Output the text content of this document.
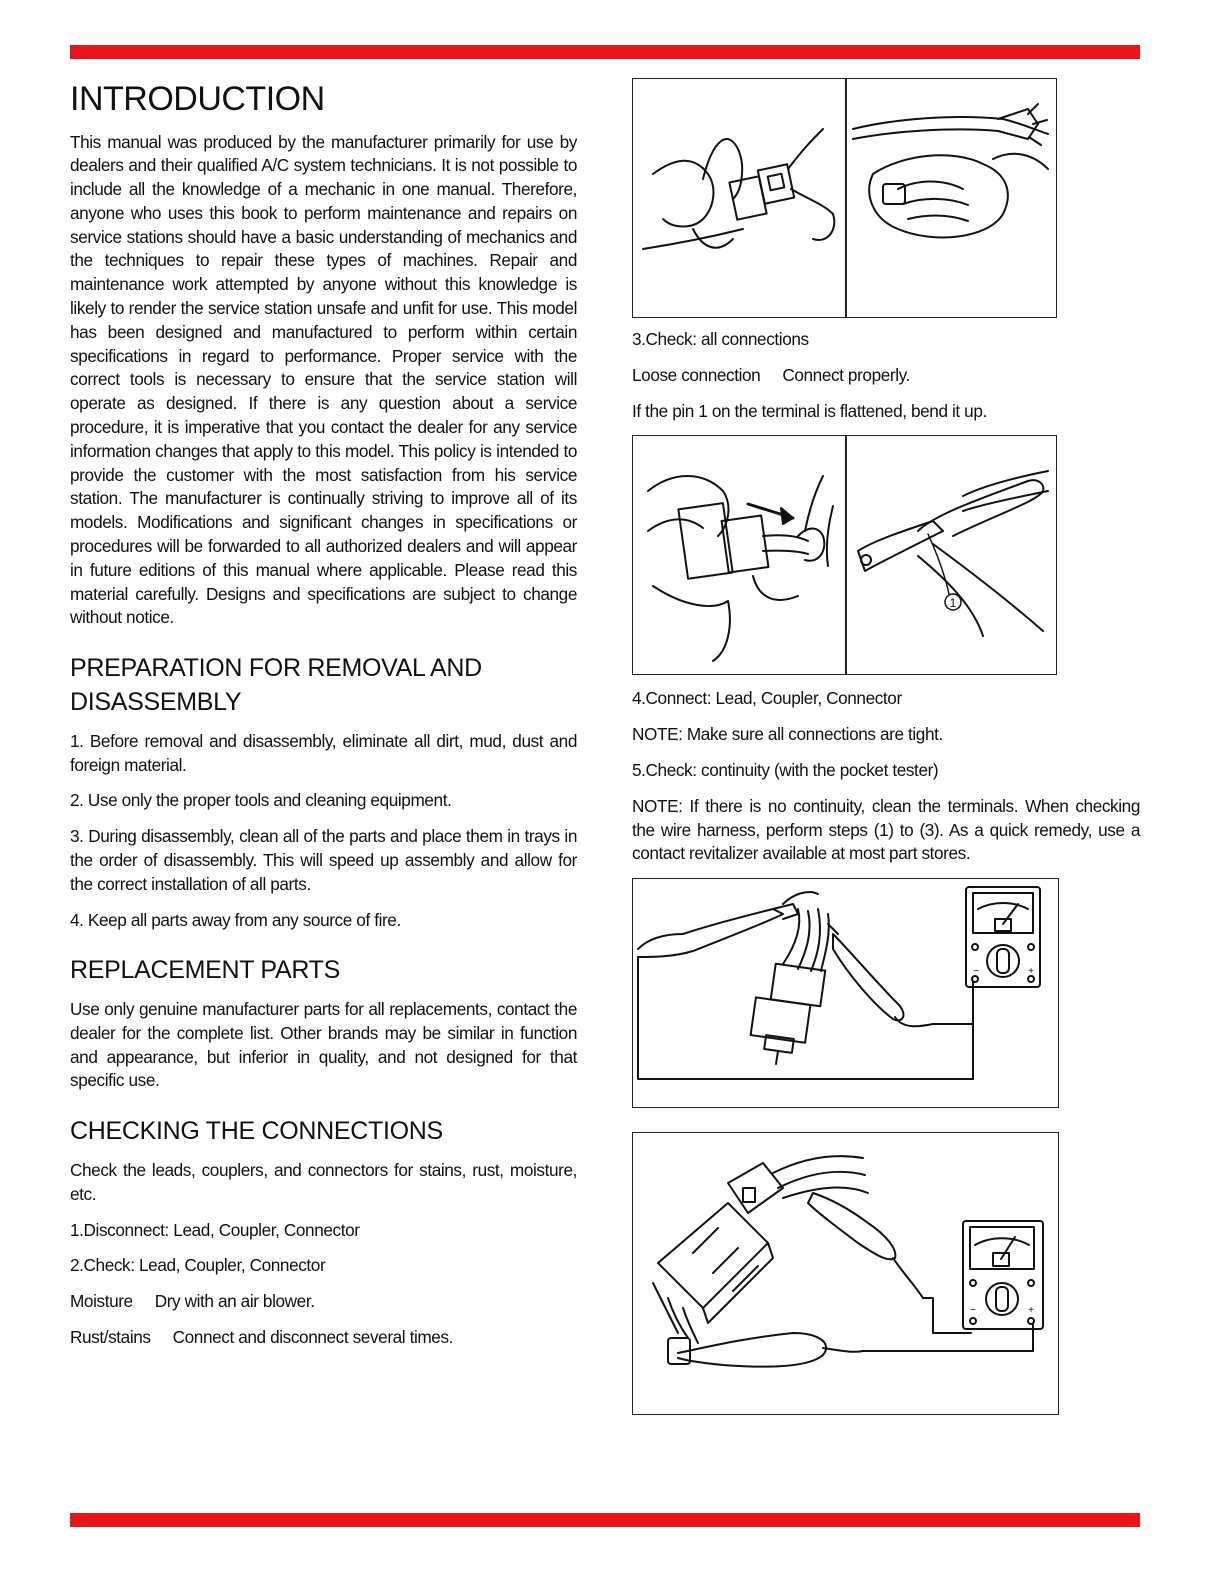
INTRODUCTION

This manual was produced by the manufacturer primarily for use by dealers and their qualified A/C system technicians. It is not possible to include all the knowledge of a mechanic in one manual. Therefore, anyone who uses this book to perform maintenance and repairs on service stations should have a basic understanding of mechanics and the techniques to repair these types of machines. Repair and maintenance work attempted by anyone without this knowledge is likely to render the service station unsafe and unfit for use. This model has been designed and manufactured to perform within certain specifications in regard to performance. Proper service with the correct tools is necessary to ensure that the service station will operate as designed. If there is any question about a service procedure, it is imperative that you contact the dealer for any service information changes that apply to this model. This policy is intended to provide the customer with the most satisfaction from his service station. The manufacturer is continually striving to improve all of its models. Modifications and significant changes in specifications or procedures will be forwarded to all authorized dealers and will appear in future editions of this manual where applicable. Please read this material carefully. Designs and specifications are subject to change without notice.

PREPARATION FOR REMOVAL AND DISASSEMBLY

1. Before removal and disassembly, eliminate all dirt, mud, dust and foreign material.

2. Use only the proper tools and cleaning equipment.

3. During disassembly, clean all of the parts and place them in trays in the order of disassembly. This will speed up assembly and allow for the correct installation of all parts.

4. Keep all parts away from any source of fire.

REPLACEMENT PARTS

Use only genuine manufacturer parts for all replacements, contact the dealer for the complete list. Other brands may be similar in function and appearance, but inferior in quality, and not designed for that specific use.

CHECKING THE CONNECTIONS

Check the leads, couplers, and connectors for stains, rust, moisture, etc.

1.Disconnect: Lead, Coupler, Connector

2.Check: Lead, Coupler, Connector

Moisture Dry with an air blower.

Rust/stains Connect and disconnect several times.

3.Check: all connections

Loose connection Connect properly.

If the pin 1 on the terminal is flattened, bend it up.

1

4.Connect: Lead, Coupler, Connector

NOTE: Make sure all connections are tight.

5.Check: continuity (with the pocket tester)

NOTE: If there is no continuity, clean the terminals. When checking the wire harness, perform steps (1) to (3). As a quick remedy, use a contact revitalizer available at most part stores.

−	+
−	+
